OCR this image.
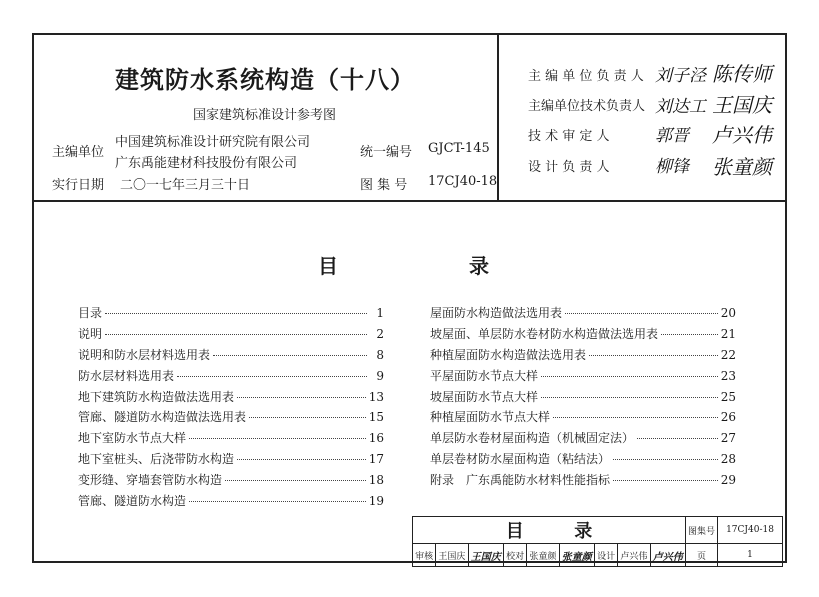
建筑防水系统构造（十八）
国家建筑标准设计参考图
主编单位
中国建筑标准设计研究院有限公司
广东禹能建材科技股份有限公司
实行日期 二〇一七年三月三十日
统一编号 GJCT-145
图 集 号 17CJ40-18
主 编 单 位 负 责 人 刘子泾 陈传师
主编单位技术负责人 刘达工 王国庆
技 术 审 定 人	郭晋 卢兴伟
设 计 负 责 人	柳锋 张童颜
目	录
目录	1
说明	2
说明和防水层材料选用表	8
防水层材料选用表	9
地下建筑防水构造做法选用表	13
管廊、隧道防水构造做法选用表	15
地下室防水节点大样	16
地下室桩头、后浇带防水构造	17
变形缝、穿墙套管防水构造	18
管廊、隧道防水构造	19
屋面防水构造做法选用表	20
坡屋面、单层防水卷材防水构造做法选用表	21
种植屋面防水构造做法选用表	22
平屋面防水节点大样	23
坡屋面防水节点大样	25
种植屋面防水节点大样	26
单层防水卷材屋面构造（机械固定法）	27
单层卷材防水屋面构造（粘结法）	28
附录　广东禹能防水材料性能指标	29
目 录									图集号	17CJ40-18
审核	王国庆	王国庆	校对	张童颜	张童颜	设计	卢兴伟	卢兴伟	页	1
